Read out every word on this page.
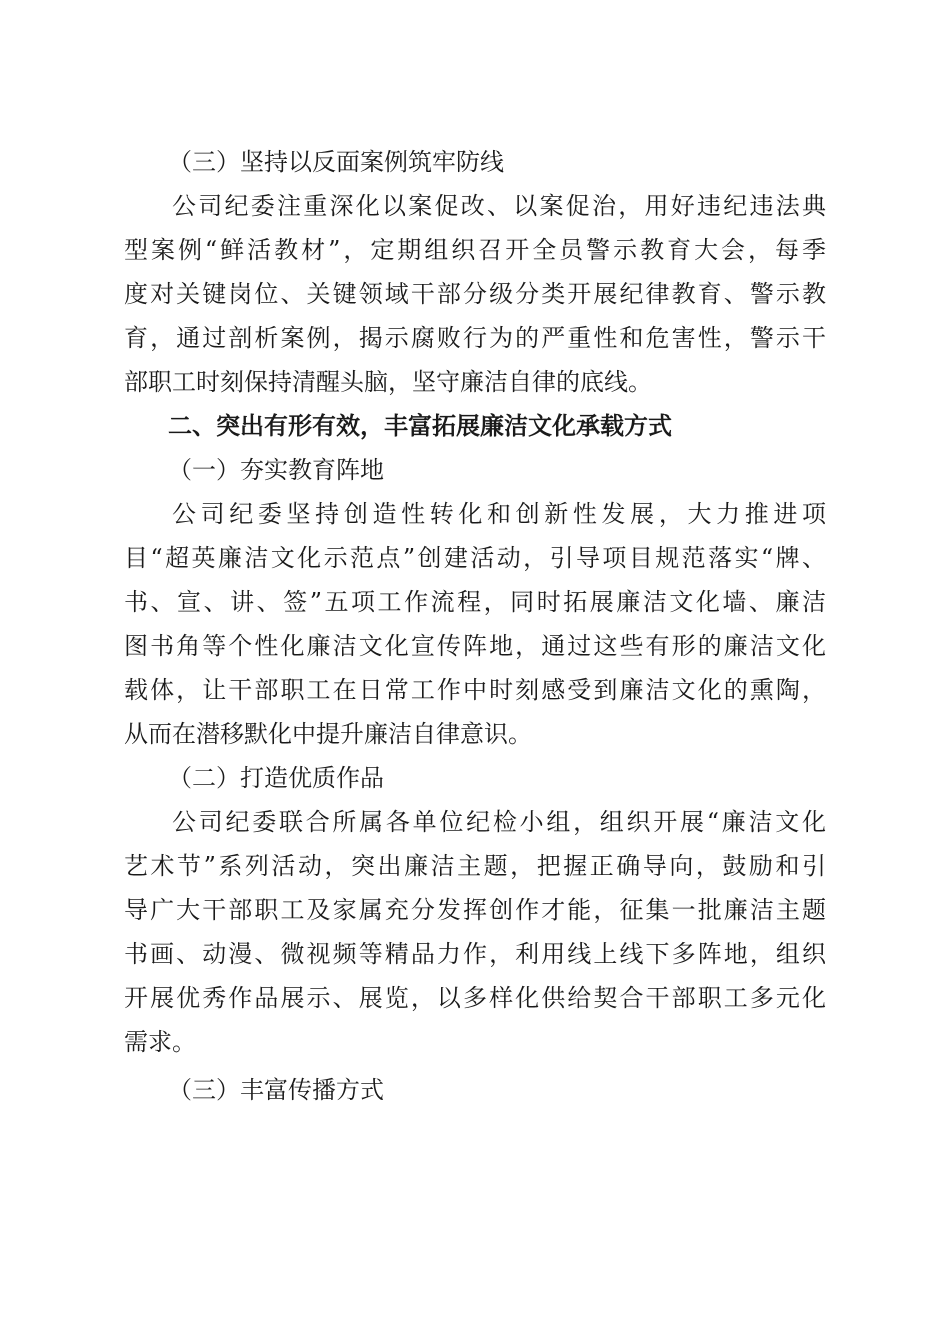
（三）坚持以反面案例筑牢防线
公司纪委注重深化以案促改、以案促治，用好违纪违法典
型案例“鲜活教材”，定期组织召开全员警示教育大会，每季
度对关键岗位、关键领域干部分级分类开展纪律教育、警示教
育，通过剖析案例，揭示腐败行为的严重性和危害性，警示干
部职工时刻保持清醒头脑，坚守廉洁自律的底线。
二、突出有形有效，丰富拓展廉洁文化承载方式
（一）夯实教育阵地
公司纪委坚持创造性转化和创新性发展，大力推进项
目“超英廉洁文化示范点”创建活动，引导项目规范落实“牌、
书、宣、讲、签”五项工作流程，同时拓展廉洁文化墙、廉洁
图书角等个性化廉洁文化宣传阵地，通过这些有形的廉洁文化
载体，让干部职工在日常工作中时刻感受到廉洁文化的熏陶，
从而在潜移默化中提升廉洁自律意识。
（二）打造优质作品
公司纪委联合所属各单位纪检小组，组织开展“廉洁文化
艺术节”系列活动，突出廉洁主题，把握正确导向，鼓励和引
导广大干部职工及家属充分发挥创作才能，征集一批廉洁主题
书画、动漫、微视频等精品力作，利用线上线下多阵地，组织
开展优秀作品展示、展览，以多样化供给契合干部职工多元化
需求。
（三）丰富传播方式
